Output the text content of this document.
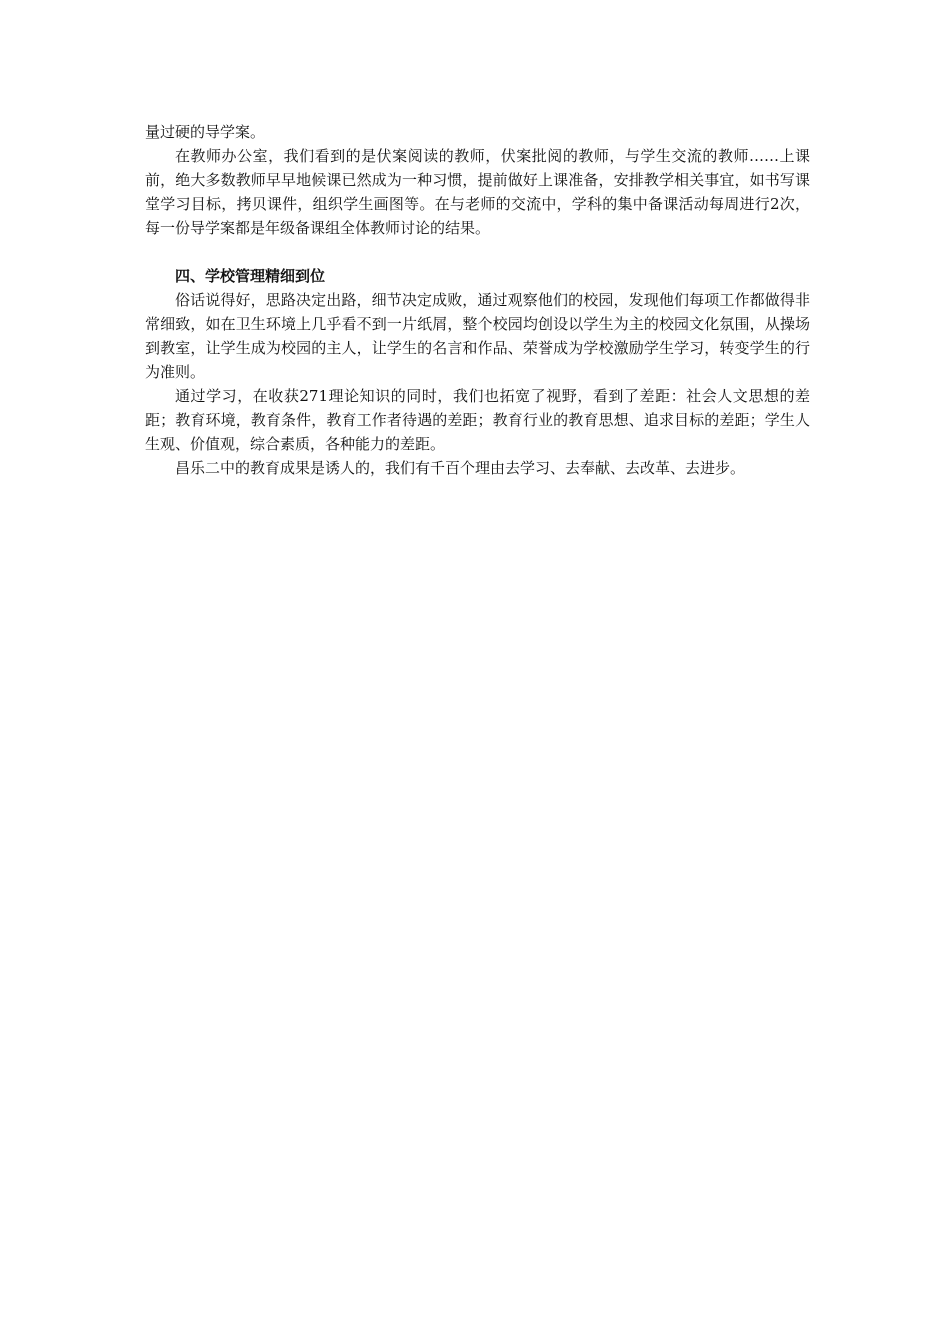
量过硬的导学案。

在教师办公室，我们看到的是伏案阅读的教师，伏案批阅的教师，与学生交流的教师……上课前，绝大多数教师早早地候课已然成为一种习惯，提前做好上课准备，安排教学相关事宜，如书写课堂学习目标，拷贝课件，组织学生画图等。在与老师的交流中，学科的集中备课活动每周进行2次，每一份导学案都是年级备课组全体教师讨论的结果。

四、学校管理精细到位

俗话说得好，思路决定出路，细节决定成败，通过观察他们的校园，发现他们每项工作都做得非常细致，如在卫生环境上几乎看不到一片纸屑，整个校园均创设以学生为主的校园文化氛围，从操场到教室，让学生成为校园的主人，让学生的名言和作品、荣誉成为学校激励学生学习，转变学生的行为准则。

通过学习，在收获271理论知识的同时，我们也拓宽了视野，看到了差距：社会人文思想的差距；教育环境，教育条件，教育工作者待遇的差距；教育行业的教育思想、追求目标的差距；学生人生观、价值观，综合素质，各种能力的差距。

昌乐二中的教育成果是诱人的，我们有千百个理由去学习、去奉献、去改革、去进步。
